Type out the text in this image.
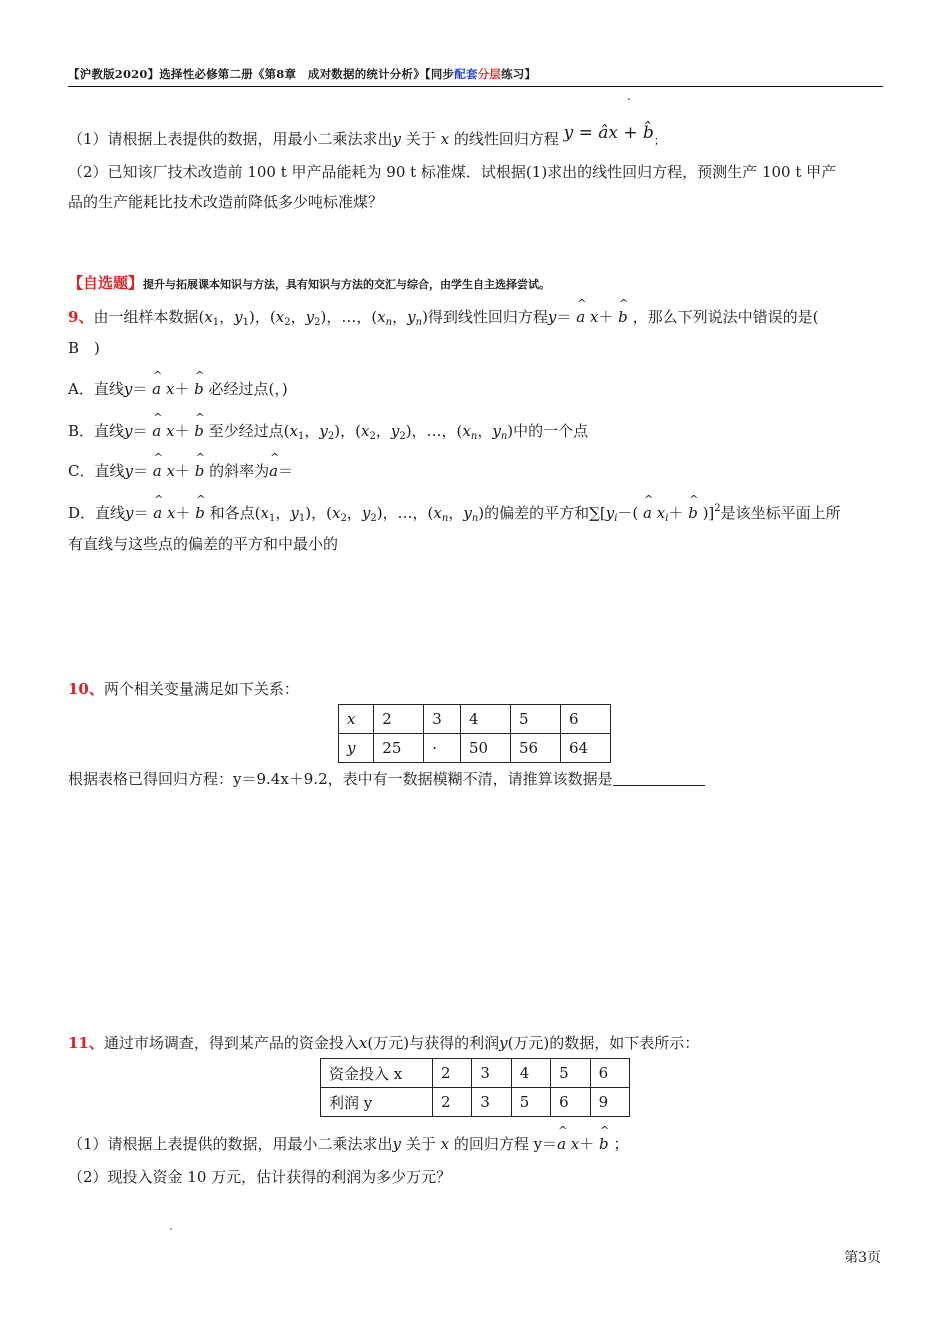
【沪教版2020】选择性必修第二册《第8章　成对数据的统计分析》【同步配套分层练习】
（1）请根据上表提供的数据，用最小二乘法求出y 关于 x 的线性回归方程 y = âx + b̂；
（2）已知该厂技术改造前 100 t 甲产品能耗为 90 t 标准煤．试根据(1)求出的线性回归方程，预测生产 100 t 甲产
品的生产能耗比技术改造前降低多少吨标准煤？
【自选题】提升与拓展课本知识与方法，具有知识与方法的交汇与综合，由学生自主选择尝试。
9、由一组样本数据($x_1$，$y_1$)，($x_2$，$y_2$)，…，($x_n$，$y_n$)得到线性回归方程y＝ ^ a x＋ ^ b ，那么下列说法中错误的是(
B　)
A．直线y＝ ^ a x＋ ^ b 必经过点(，)
B．直线y＝ ^ a x＋ ^ b 至少经过点($x_1$，$y_2$)，($x_2$，$y_2$)，…，($x_n$，$y_n$)中的一个点
C．直线y＝ ^ a x＋ ^ b 的斜率为^ a＝
D．直线y＝ ^ a x＋ ^ b 和各点($x_1$，$y_1$)，($x_2$，$y_2$)，…，($x_n$，$y_n$)的偏差的平方和$\sum[y_i-$( ^ a $x_i+$ ^ b )]$^2$是该坐标平面上所
有直线与这些点的偏差的平方和中最小的
10、两个相关变量满足如下关系：
x	2	3	4	5	6
y	25	·	50	56	64
根据表格已得回归方程：y＝9.4x＋9.2，表中有一数据模糊不清，请推算该数据是
11、通过市场调查，得到某产品的资金投入x(万元)与获得的利润y(万元)的数据，如下表所示：
资金投入 x	2	3	4	5	6
利润 y	2	3	5	6	9
（1）请根据上表提供的数据，用最小二乘法求出y 关于 x 的回归方程 y＝^ a x＋ ^ b ；
（2）现投入资金 10 万元，估计获得的利润为多少万元？
第3页
